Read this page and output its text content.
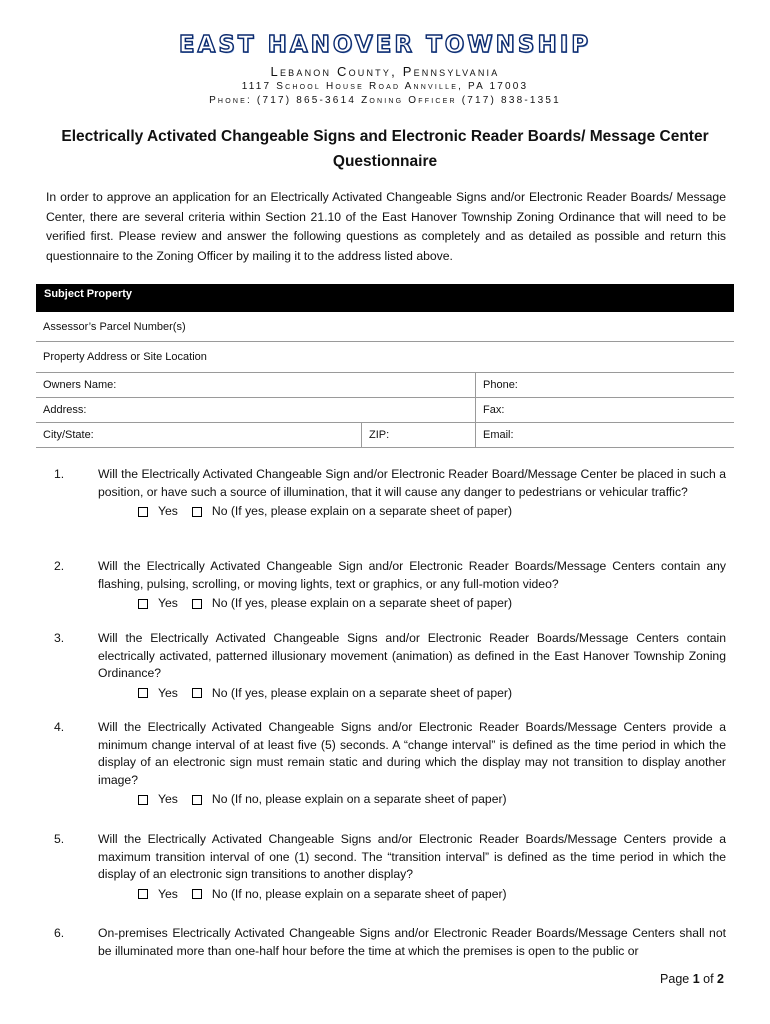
EAST HANOVER TOWNSHIP
Lebanon County, Pennsylvania
1117 School House Road Annville, PA 17003
Phone: (717) 865-3614 Zoning Officer (717) 838-1351
Electrically Activated Changeable Signs and Electronic Reader Boards/ Message Center
Questionnaire
In order to approve an application for an Electrically Activated Changeable Signs and/or Electronic Reader Boards/ Message Center, there are several criteria within Section 21.10 of the East Hanover Township Zoning Ordinance that will need to be verified first. Please review and answer the following questions as completely and as detailed as possible and return this questionnaire to the Zoning Officer by mailing it to the address listed above.
Subject Property
Assessor’s Parcel Number(s)
Property Address or Site Location
Owners Name:	Phone:
Address:	Fax:
City/State:	ZIP:	Email:
1.	Will the Electrically Activated Changeable Sign and/or Electronic Reader Board/Message Center be placed in such a position, or have such a source of illumination, that it will cause any danger to pedestrians or vehicular traffic?
Yes	No (If yes, please explain on a separate sheet of paper)
2.	Will the Electrically Activated Changeable Sign and/or Electronic Reader Boards/Message Centers contain any flashing, pulsing, scrolling, or moving lights, text or graphics, or any full-motion video?
Yes	No (If yes, please explain on a separate sheet of paper)
3.	Will the Electrically Activated Changeable Signs and/or Electronic Reader Boards/Message Centers contain electrically activated, patterned illusionary movement (animation) as defined in the East Hanover Township Zoning Ordinance?
Yes	No (If yes, please explain on a separate sheet of paper)
4.	Will the Electrically Activated Changeable Signs and/or Electronic Reader Boards/Message Centers provide a minimum change interval of at least five (5) seconds. A “change interval” is defined as the time period in which the display of an electronic sign must remain static and during which the display may not transition to display another image?
Yes	No (If no, please explain on a separate sheet of paper)
5.	Will the Electrically Activated Changeable Signs and/or Electronic Reader Boards/Message Centers provide a maximum transition interval of one (1) second. The “transition interval” is defined as the time period in which the display of an electronic sign transitions to another display?
Yes	No (If no, please explain on a separate sheet of paper)
6.	On-premises Electrically Activated Changeable Signs and/or Electronic Reader Boards/Message Centers shall not be illuminated more than one-half hour before the time at which the premises is open to the public or
Page 1 of 2
